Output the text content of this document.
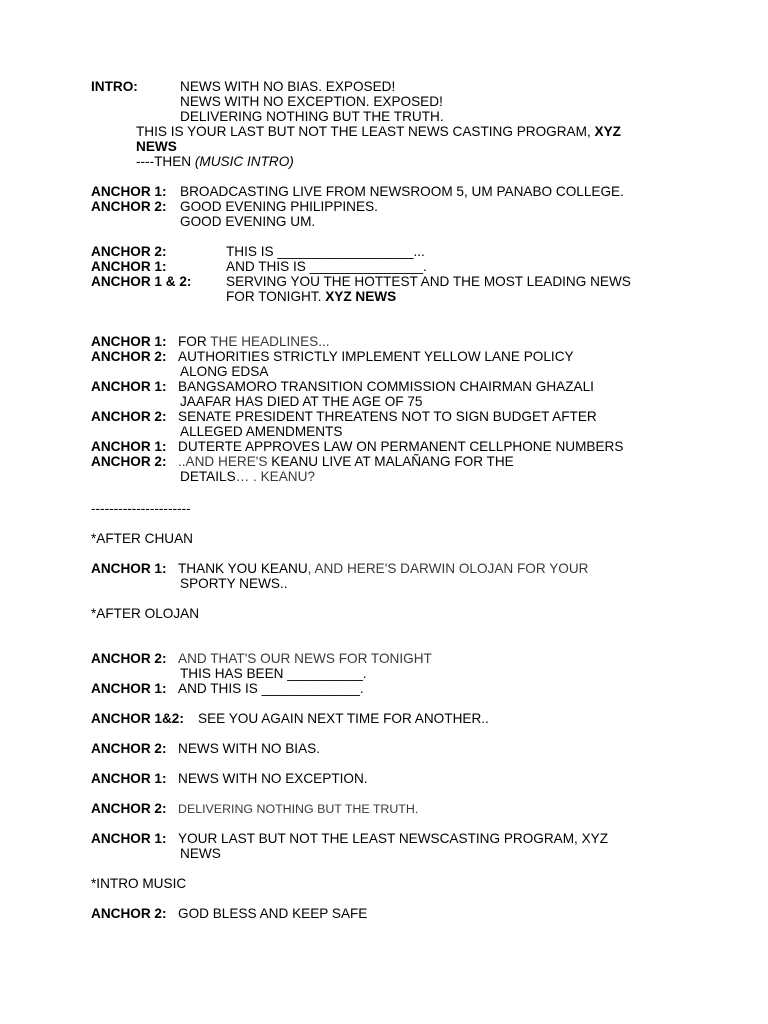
INTRO:	NEWS WITH NO BIAS. EXPOSED!
NEWS WITH NO EXCEPTION. EXPOSED!
DELIVERING NOTHING BUT THE TRUTH.
THIS IS YOUR LAST BUT NOT THE LEAST NEWS CASTING PROGRAM, XYZ
NEWS
----THEN (MUSIC INTRO)
ANCHOR 1: BROADCASTING LIVE FROM NEWSROOM 5, UM PANABO COLLEGE.
ANCHOR 2: GOOD EVENING PHILIPPINES.
GOOD EVENING UM.
ANCHOR 2:	THIS IS __________________...
ANCHOR 1:	AND THIS IS _______________.
ANCHOR 1 & 2:	SERVING YOU THE HOTTEST AND THE MOST LEADING NEWS
FOR TONIGHT. XYZ NEWS
ANCHOR 1: FOR THE HEADLINES...
ANCHOR 2: AUTHORITIES STRICTLY IMPLEMENT YELLOW LANE POLICY
ALONG EDSA
ANCHOR 1: BANGSAMORO TRANSITION COMMISSION CHAIRMAN GHAZALI
JAAFAR HAS DIED AT THE AGE OF 75
ANCHOR 2: SENATE PRESIDENT THREATENS NOT TO SIGN BUDGET AFTER
ALLEGED AMENDMENTS
ANCHOR 1: DUTERTE APPROVES LAW ON PERMANENT CELLPHONE NUMBERS
ANCHOR 2: ..AND HERE'S KEANU LIVE AT MALAÑANG FOR THE
DETAILS… . KEANU?
----------------------
*AFTER CHUAN
ANCHOR 1: THANK YOU KEANU, AND HERE'S DARWIN OLOJAN FOR YOUR
SPORTY NEWS..
*AFTER OLOJAN
ANCHOR 2: AND THAT'S OUR NEWS FOR TONIGHT
THIS HAS BEEN __________.
ANCHOR 1: AND THIS IS _____________.
ANCHOR 1&2: SEE YOU AGAIN NEXT TIME FOR ANOTHER..
ANCHOR 2: NEWS WITH NO BIAS.
ANCHOR 1: NEWS WITH NO EXCEPTION.
ANCHOR 2: DELIVERING NOTHING BUT THE TRUTH.
ANCHOR 1: YOUR LAST BUT NOT THE LEAST NEWSCASTING PROGRAM, XYZ
NEWS
*INTRO MUSIC
ANCHOR 2: GOD BLESS AND KEEP SAFE
